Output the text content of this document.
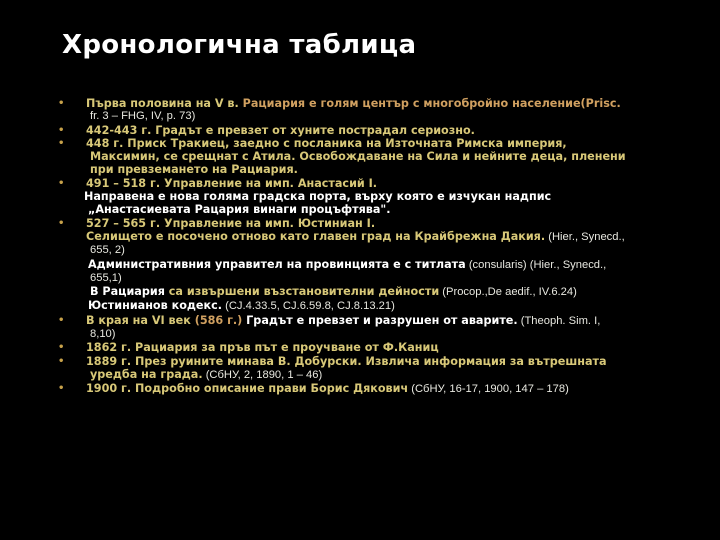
Хронологична таблица
• Първа половина на V в. Рациария е голям център с многобройно население(Prisc.
fr. 3 – FHG, IV, p. 73)
• 442-443 г. Градът е превзет от хуните пострадал сериозно.
• 448 г. Приск Тракиец, заедно с посланика на Източната Римска империя,
Максимин, се срещнат с Атила. Освобождаване на Сила и нейните деца, пленени
при превземането на Рациария.
• 491 – 518 г. Управление на имп. Анастасий I.
Направена е нова голяма градска порта, върху която е изчукан надпис
„Анастасиевата Рацария винаги процъфтява".
• 527 – 565 г. Управление на имп. Юстиниан I.
Селището е посочено отново като главен град на Крайбрежна Дакия. (Hier., Synecd.,
655, 2)
Административния управител на провинцията е с титлата (consularis) (Hier., Synecd.,
655,1)
В Рациария са извършени възстановителни дейности (Procop.,De aedif., IV.6.24)
Юстинианов кодекс. (CJ.4.33.5, CJ.6.59.8, CJ.8.13.21)
• В края на VI век (586 г.) Градът е превзет и разрушен от аварите. (Theoph. Sim. I,
8,10)
• 1862 г. Рациария за пръв път е проучване от Ф.Каниц
• 1889 г. През руините минава В. Добурски. Извлича информация за вътрешната
уредба на града. (СбНУ, 2, 1890, 1 – 46)
• 1900 г. Подробно описание прави Борис Дякович (СбНУ, 16-17, 1900, 147 – 178)
